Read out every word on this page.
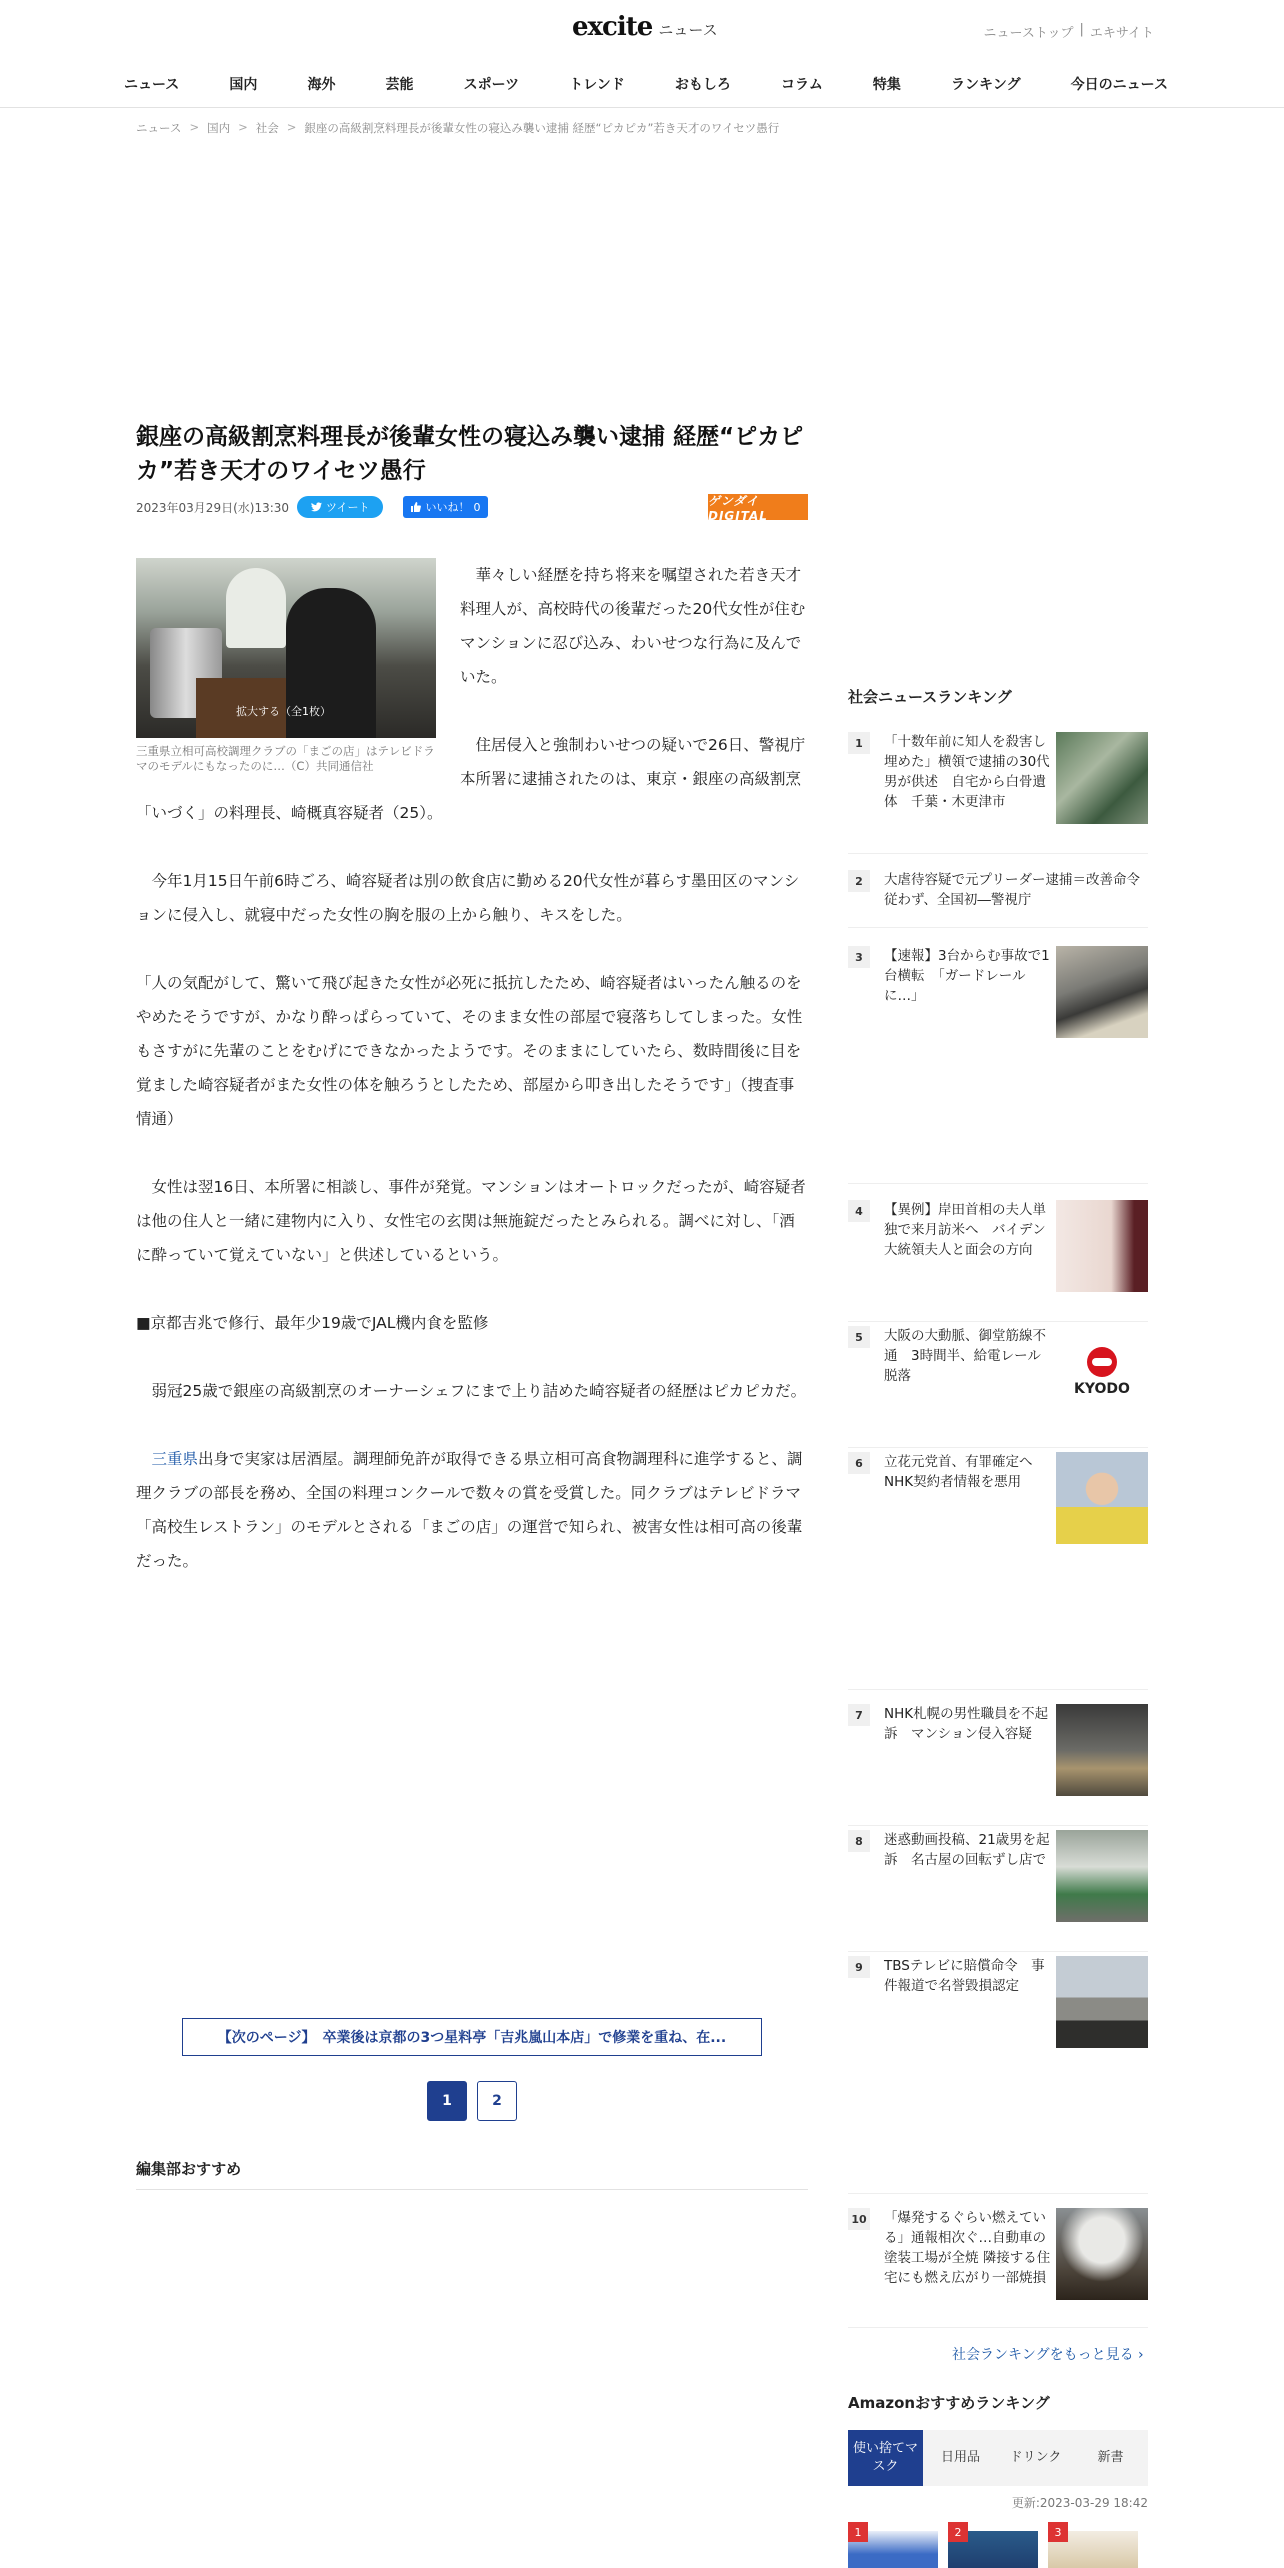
excite ニュース	ニューストップ | エキサイト
ニュース	国内	海外	芸能	スポーツ	トレンド	おもしろ	コラム	特集	ランキング	今日のニュース
ニュース > 国内 > 社会 > 銀座の高級割烹料理長が後輩女性の寝込み襲い逮捕 経歴“ピカピカ”若き天才のワイセツ愚行
銀座の高級割烹料理長が後輩女性の寝込み襲い逮捕 経歴“ピカピカ”若き天才のワイセツ愚行
2023年03月29日(水)13:30	ツイート	いいね！ 0	ゲンダイDIGITAL
拡大する（全1枚）

三重県立相可高校調理クラブの「まごの店」はテレビドラマのモデルにもなったのに…（C）共同通信社

華々しい経歴を持ち将来を嘱望された若き天才料理人が、高校時代の後輩だった20代女性が住むマンションに忍び込み、わいせつな行為に及んでいた。

住居侵入と強制わいせつの疑いで26日、警視庁本所署に逮捕されたのは、東京・銀座の高級割烹「いづく」の料理長、崎概真容疑者（25）。

今年1月15日午前6時ごろ、崎容疑者は別の飲食店に勤める20代女性が暮らす墨田区のマンションに侵入し、就寝中だった女性の胸を服の上から触り、キスをした。

「人の気配がして、驚いて飛び起きた女性が必死に抵抗したため、崎容疑者はいったん触るのをやめたそうですが、かなり酔っぱらっていて、そのまま女性の部屋で寝落ちしてしまった。女性もさすがに先輩のことをむげにできなかったようです。そのままにしていたら、数時間後に目を覚ました崎容疑者がまた女性の体を触ろうとしたため、部屋から叩き出したそうです」（捜査事情通）

女性は翌16日、本所署に相談し、事件が発覚。マンションはオートロックだったが、崎容疑者は他の住人と一緒に建物内に入り、女性宅の玄関は無施錠だったとみられる。調べに対し、「酒に酔っていて覚えていない」と供述しているという。

■京都吉兆で修行、最年少19歳でJAL機内食を監修

弱冠25歳で銀座の高級割烹のオーナーシェフにまで上り詰めた崎容疑者の経歴はピカピカだ。

三重県出身で実家は居酒屋。調理師免許が取得できる県立相可高食物調理科に進学すると、調理クラブの部長を務め、全国の料理コンクールで数々の賞を受賞した。同クラブはテレビドラマ「高校生レストラン」のモデルとされる「まごの店」の運営で知られ、被害女性は相可高の後輩だった。

【次のページ】　卒業後は京都の3つ星料亭「吉兆嵐山本店」で修業を重ね、在...
1	2
編集部おすすめ
社会ニュースランキング
1	「十数年前に知人を殺害し埋めた」横領で逮捕の30代男が供述　自宅から白骨遺体　千葉・木更津市
2	大虐待容疑で元プリーダー逮捕＝改善命令従わず、全国初―警視庁
3	【速報】3台からむ事故で1台横転　「ガードレールに…」
4	【異例】岸田首相の夫人単独で来月訪米へ　バイデン大統領夫人と面会の方向
5	大阪の大動脈、御堂筋線不通　3時間半、給電レール脱落
KYODO
6	立花元党首、有罪確定へ　NHK契約者情報を悪用
7	NHK札幌の男性職員を不起訴　マンション侵入容疑
8	迷惑動画投稿、21歳男を起訴　名古屋の回転ずし店で
9	TBSテレビに賠償命令　事件報道で名誉毀損認定
10 「爆発するぐらい燃えている」通報相次ぐ…自動車の塗装工場が全焼 隣接する住宅にも燃え広がり一部焼損
社会ランキングをもっと見る ›
Amazonおすすめランキング
使い捨てマスク
日用品	ドリンク	新書
更新:2023-03-29 18:42
1	2	3
